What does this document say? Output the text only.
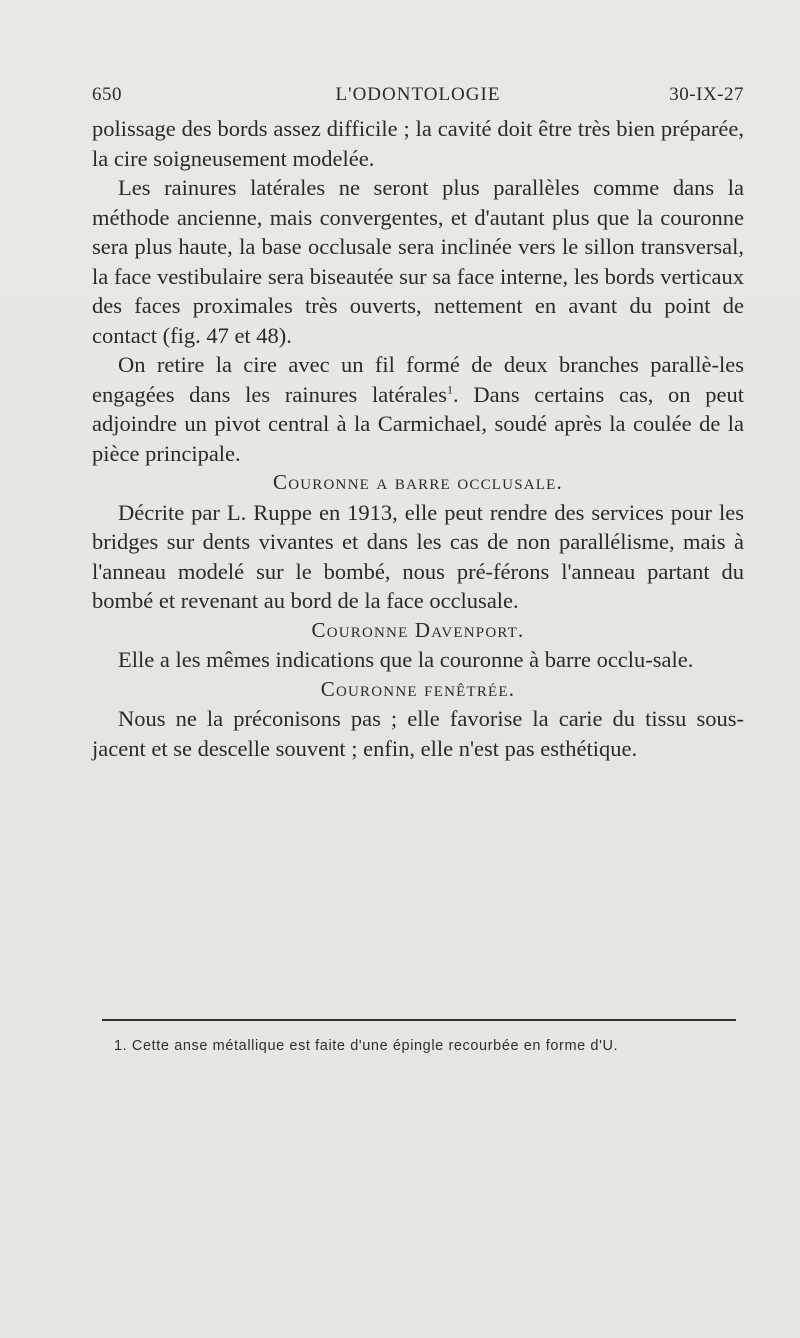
650	L'ODONTOLOGIE	30-IX-27

polissage des bords assez difficile ; la cavité doit être très bien préparée, la cire soigneusement modelée.

Les rainures latérales ne seront plus parallèles comme dans la méthode ancienne, mais convergentes, et d'autant plus que la couronne sera plus haute, la base occlusale sera inclinée vers le sillon transversal, la face vestibulaire sera biseautée sur sa face interne, les bords verticaux des faces proximales très ouverts, nettement en avant du point de contact (fig. 47 et 48).

On retire la cire avec un fil formé de deux branches parallè-les engagées dans les rainures latérales$^1$. Dans certains cas, on peut adjoindre un pivot central à la Carmichael, soudé après la coulée de la pièce principale.

Couronne a barre occlusale.

Décrite par L. Ruppe en 1913, elle peut rendre des services pour les bridges sur dents vivantes et dans les cas de non parallélisme, mais à l'anneau modelé sur le bombé, nous pré-férons l'anneau partant du bombé et revenant au bord de la face occlusale.

Couronne Davenport.

Elle a les mêmes indications que la couronne à barre occlu-sale.

Couronne fenêtrée.

Nous ne la préconisons pas ; elle favorise la carie du tissu sous-jacent et se descelle souvent ; enfin, elle n'est pas esthétique.

1. Cette anse métallique est faite d'une épingle recourbée en forme d'U.
